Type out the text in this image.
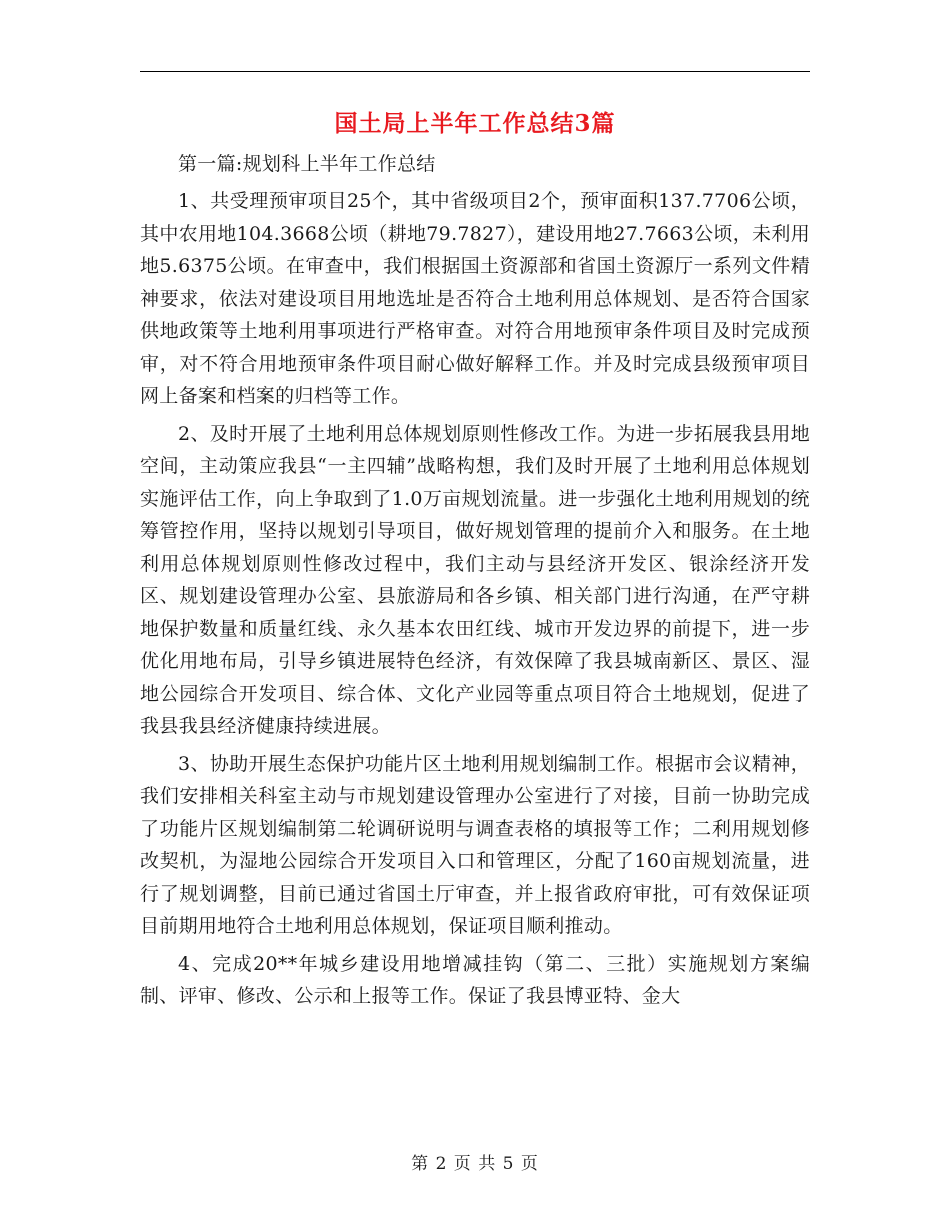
国土局上半年工作总结3篇

第一篇:规划科上半年工作总结

1、共受理预审项目25个，其中省级项目2个，预审面积137.7706公顷，其中农用地104.3668公顷（耕地79.7827），建设用地27.7663公顷，未利用地5.6375公顷。在审查中，我们根据国土资源部和省国土资源厅一系列文件精神要求，依法对建设项目用地选址是否符合土地利用总体规划、是否符合国家供地政策等土地利用事项进行严格审查。对符合用地预审条件项目及时完成预审，对不符合用地预审条件项目耐心做好解释工作。并及时完成县级预审项目网上备案和档案的归档等工作。

2、及时开展了土地利用总体规划原则性修改工作。为进一步拓展我县用地空间，主动策应我县“一主四辅”战略构想，我们及时开展了土地利用总体规划实施评估工作，向上争取到了1.0万亩规划流量。进一步强化土地利用规划的统筹管控作用，坚持以规划引导项目，做好规划管理的提前介入和服务。在土地利用总体规划原则性修改过程中，我们主动与县经济开发区、银涂经济开发区、规划建设管理办公室、县旅游局和各乡镇、相关部门进行沟通，在严守耕地保护数量和质量红线、永久基本农田红线、城市开发边界的前提下，进一步优化用地布局，引导乡镇进展特色经济，有效保障了我县城南新区、景区、湿地公园综合开发项目、综合体、文化产业园等重点项目符合土地规划，促进了我县我县经济健康持续进展。

3、协助开展生态保护功能片区土地利用规划编制工作。根据市会议精神，我们安排相关科室主动与市规划建设管理办公室进行了对接，目前一协助完成了功能片区规划编制第二轮调研说明与调查表格的填报等工作；二利用规划修改契机，为湿地公园综合开发项目入口和管理区，分配了160亩规划流量，进行了规划调整，目前已通过省国土厅审查，并上报省政府审批，可有效保证项目前期用地符合土地利用总体规划，保证项目顺利推动。

4、完成20**年城乡建设用地增减挂钩（第二、三批）实施规划方案编制、评审、修改、公示和上报等工作。保证了我县博亚特、金大

第 2 页 共 5 页
